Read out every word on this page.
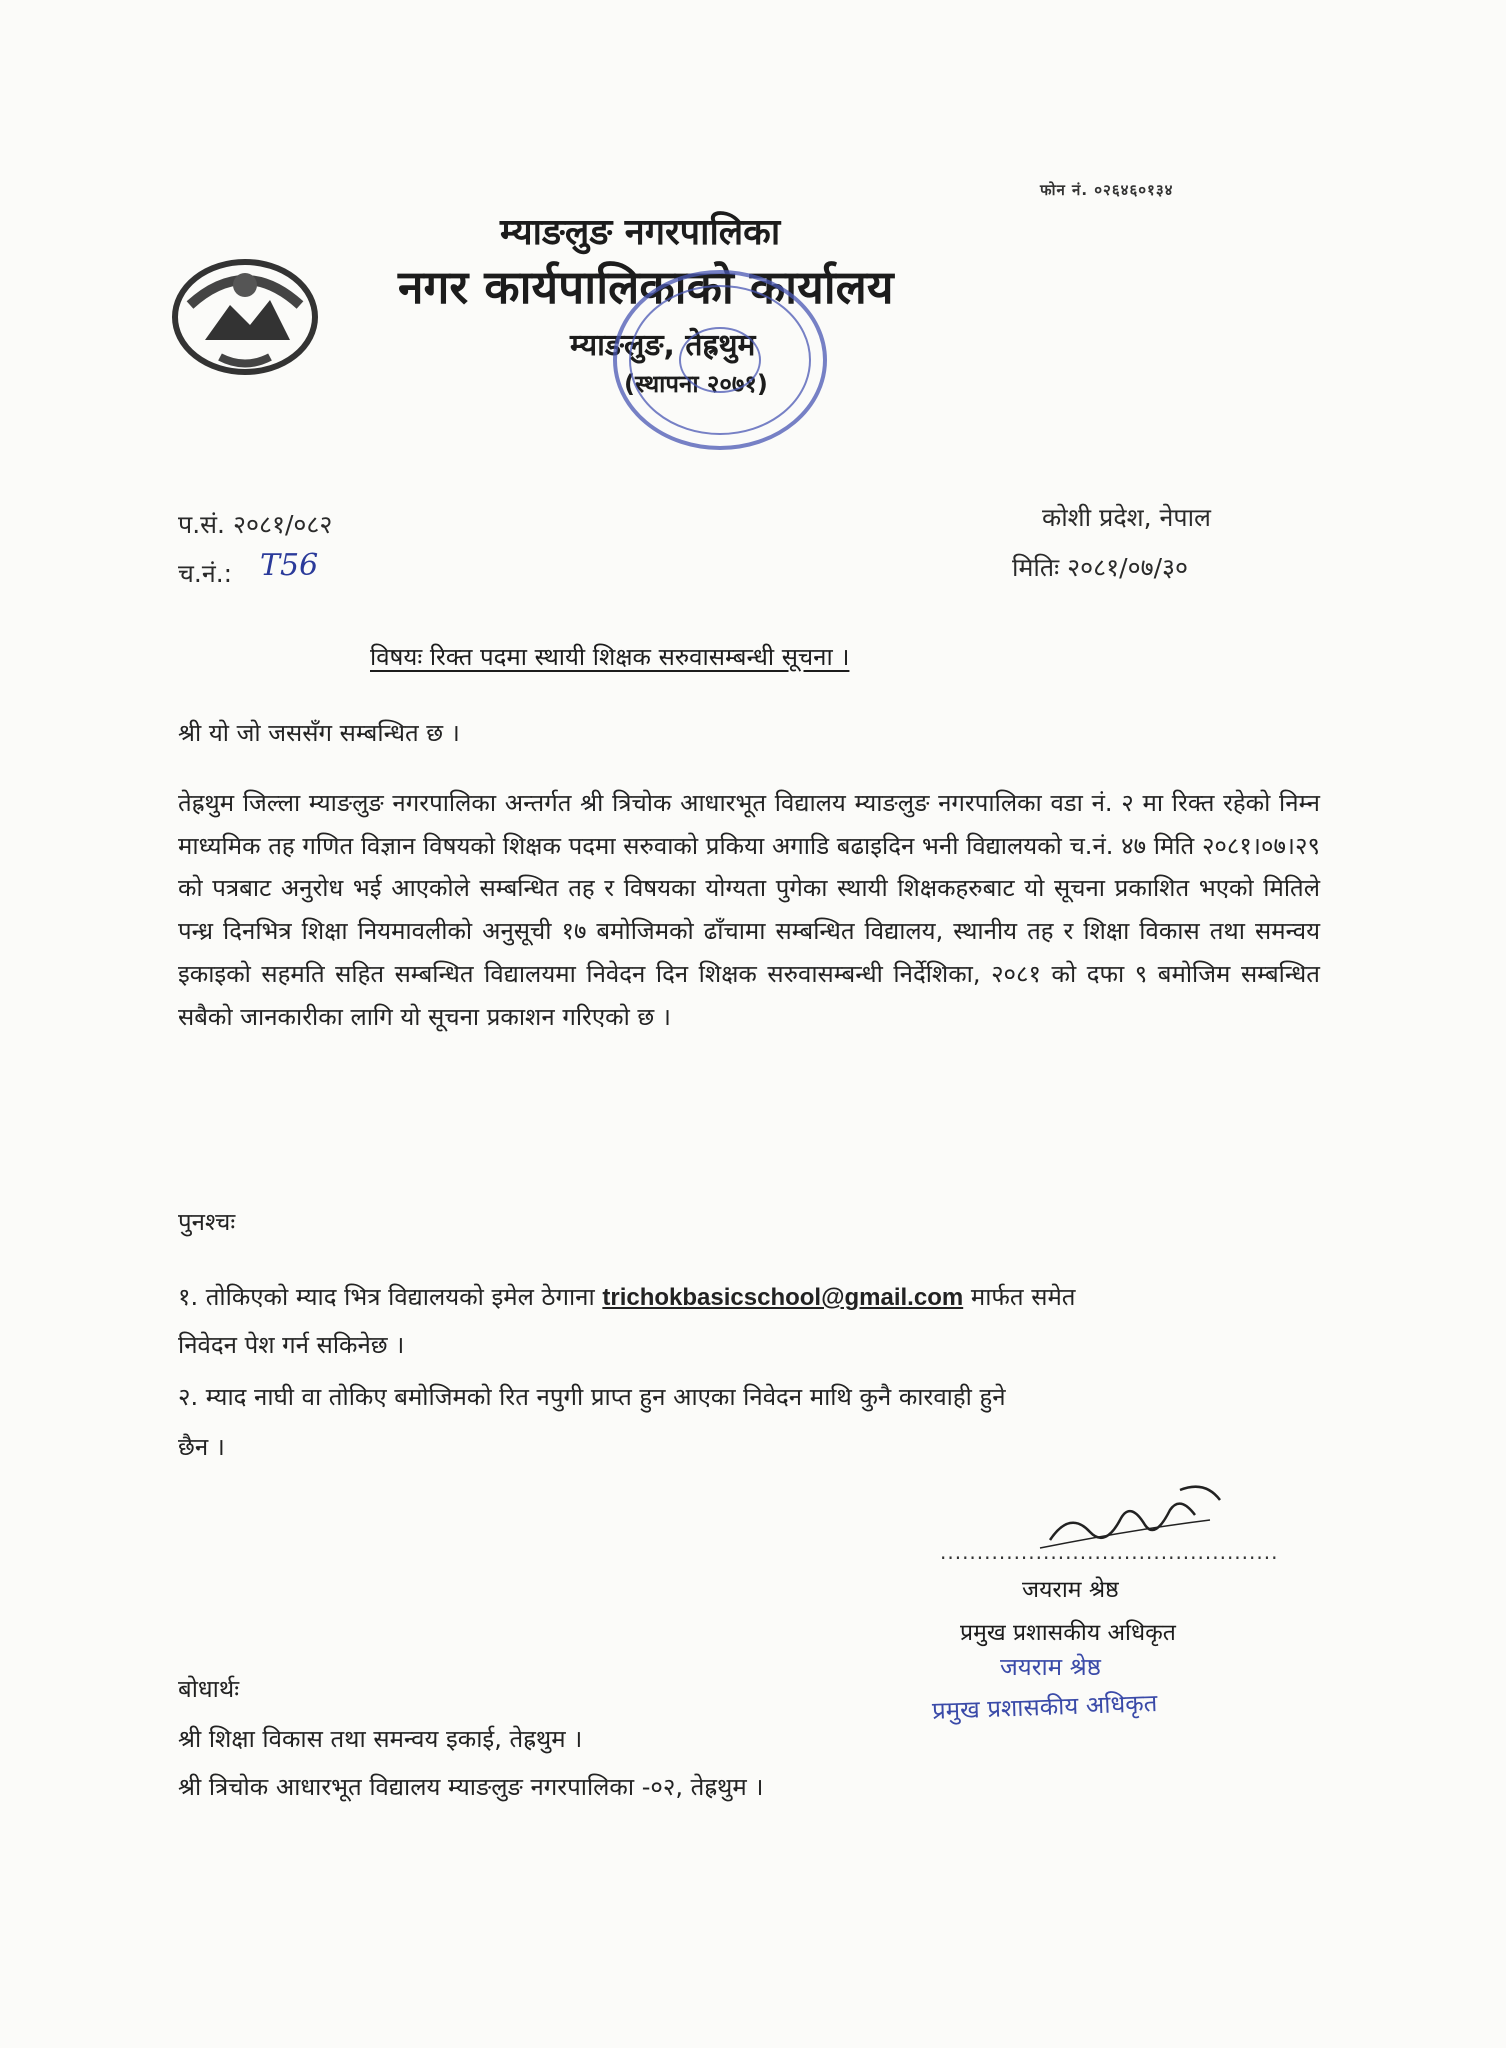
फोन नं. ०२६४६०१३४
म्याङलुङ नगरपालिका
नगर कार्यपालिकाको कार्यालय
म्याङलुङ, तेह्रथुम
(स्थापना २०७१)
प.सं. २०८१/०८२
च.नं.: T56
कोशी प्रदेश, नेपाल
मितिः २०८१/०७/३०
विषयः रिक्त पदमा स्थायी शिक्षक सरुवासम्बन्धी सूचना ।
श्री यो जो जससँग सम्बन्धित छ ।
तेह्रथुम जिल्ला म्याङलुङ नगरपालिका अन्तर्गत श्री त्रिचोक आधारभूत विद्यालय म्याङलुङ नगरपालिका वडा नं. २ मा रिक्त रहेको निम्न माध्यमिक तह गणित विज्ञान विषयको शिक्षक पदमा सरुवाको प्रकिया अगाडि बढाइदिन भनी विद्यालयको च.नं. ४७ मिति २०८१।०७।२९ को पत्रबाट अनुरोध भई आएकोले सम्बन्धित तह र विषयका योग्यता पुगेका स्थायी शिक्षकहरुबाट यो सूचना प्रकाशित भएको मितिले पन्ध्र दिनभित्र शिक्षा नियमावलीको अनुसूची १७ बमोजिमको ढाँचामा सम्बन्धित विद्यालय, स्थानीय तह र शिक्षा विकास तथा समन्वय इकाइको सहमति सहित सम्बन्धित विद्यालयमा निवेदन दिन शिक्षक सरुवासम्बन्धी निर्देशिका, २०८१ को दफा ९ बमोजिम सम्बन्धित सबैको जानकारीका लागि यो सूचना प्रकाशन गरिएको छ ।
पुनश्चः
१. तोकिएको म्याद भित्र विद्यालयको इमेल ठेगाना trichokbasicschool@gmail.com मार्फत समेत
निवेदन पेश गर्न सकिनेछ ।
२. म्याद नाघी वा तोकिए बमोजिमको रित नपुगी प्राप्त हुन आएका निवेदन माथि कुनै कारवाही हुने
छैन ।
..............................................
जयराम श्रेष्ठ
प्रमुख प्रशासकीय अधिकृत
जयराम श्रेष्ठ
प्रमुख प्रशासकीय अधिकृत
बोधार्थः
श्री शिक्षा विकास तथा समन्वय इकाई, तेह्रथुम ।
श्री त्रिचोक आधारभूत विद्यालय म्याङलुङ नगरपालिका -०२, तेह्रथुम ।
